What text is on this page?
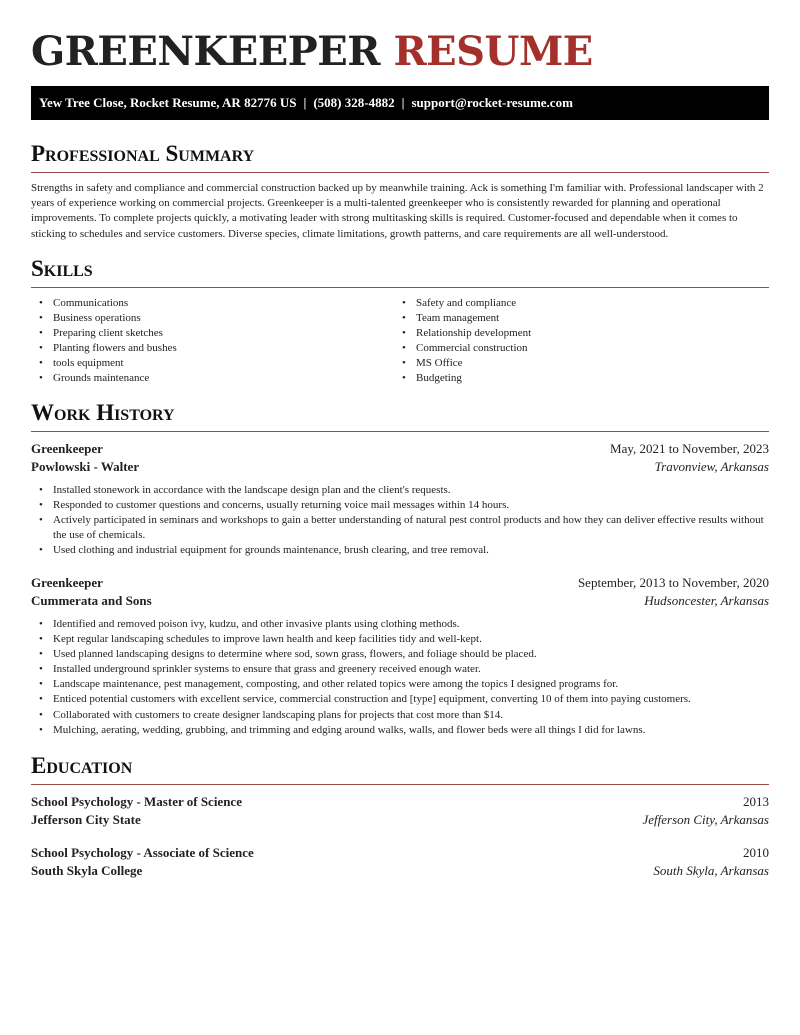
GREENKEEPER RESUME
Yew Tree Close, Rocket Resume, AR 82776 US | (508) 328-4882 | support@rocket-resume.com
Professional Summary

Strengths in safety and compliance and commercial construction backed up by meanwhile training. Ack is something I'm familiar with. Professional landscaper with 2 years of experience working on commercial projects. Greenkeeper is a multi-talented greenkeeper who is consistently rewarded for planning and operational improvements. To complete projects quickly, a motivating leader with strong multitasking skills is required. Customer-focused and dependable when it comes to sticking to schedules and service customers. Diverse species, climate limitations, growth patterns, and care requirements are all well-understood.

Skills
• Communications
• Business operations
• Preparing client sketches
• Planting flowers and bushes
• tools equipment
• Grounds maintenance
• Safety and compliance
• Team management
• Relationship development
• Commercial construction
• MS Office
• Budgeting
Work History
Greenkeeper	May, 2021 to November, 2023
Powlowski - Walter	Travonview, Arkansas
• Installed stonework in accordance with the landscape design plan and the client's requests.
• Responded to customer questions and concerns, usually returning voice mail messages within 14 hours.
• Actively participated in seminars and workshops to gain a better understanding of natural pest control products and how they can deliver effective results without the use of chemicals.
• Used clothing and industrial equipment for grounds maintenance, brush clearing, and tree removal.
Greenkeeper	September, 2013 to November, 2020
Cummerata and Sons	Hudsoncester, Arkansas
• Identified and removed poison ivy, kudzu, and other invasive plants using clothing methods.
• Kept regular landscaping schedules to improve lawn health and keep facilities tidy and well-kept.
• Used planned landscaping designs to determine where sod, sown grass, flowers, and foliage should be placed.
• Installed underground sprinkler systems to ensure that grass and greenery received enough water.
• Landscape maintenance, pest management, composting, and other related topics were among the topics I designed programs for.
• Enticed potential customers with excellent service, commercial construction and [type] equipment, converting 10 of them into paying customers.
• Collaborated with customers to create designer landscaping plans for projects that cost more than $14.
• Mulching, aerating, wedding, grubbing, and trimming and edging around walks, walls, and flower beds were all things I did for lawns.
Education
School Psychology - Master of Science	2013
Jefferson City State	Jefferson City, Arkansas
School Psychology - Associate of Science	2010
South Skyla College	South Skyla, Arkansas
